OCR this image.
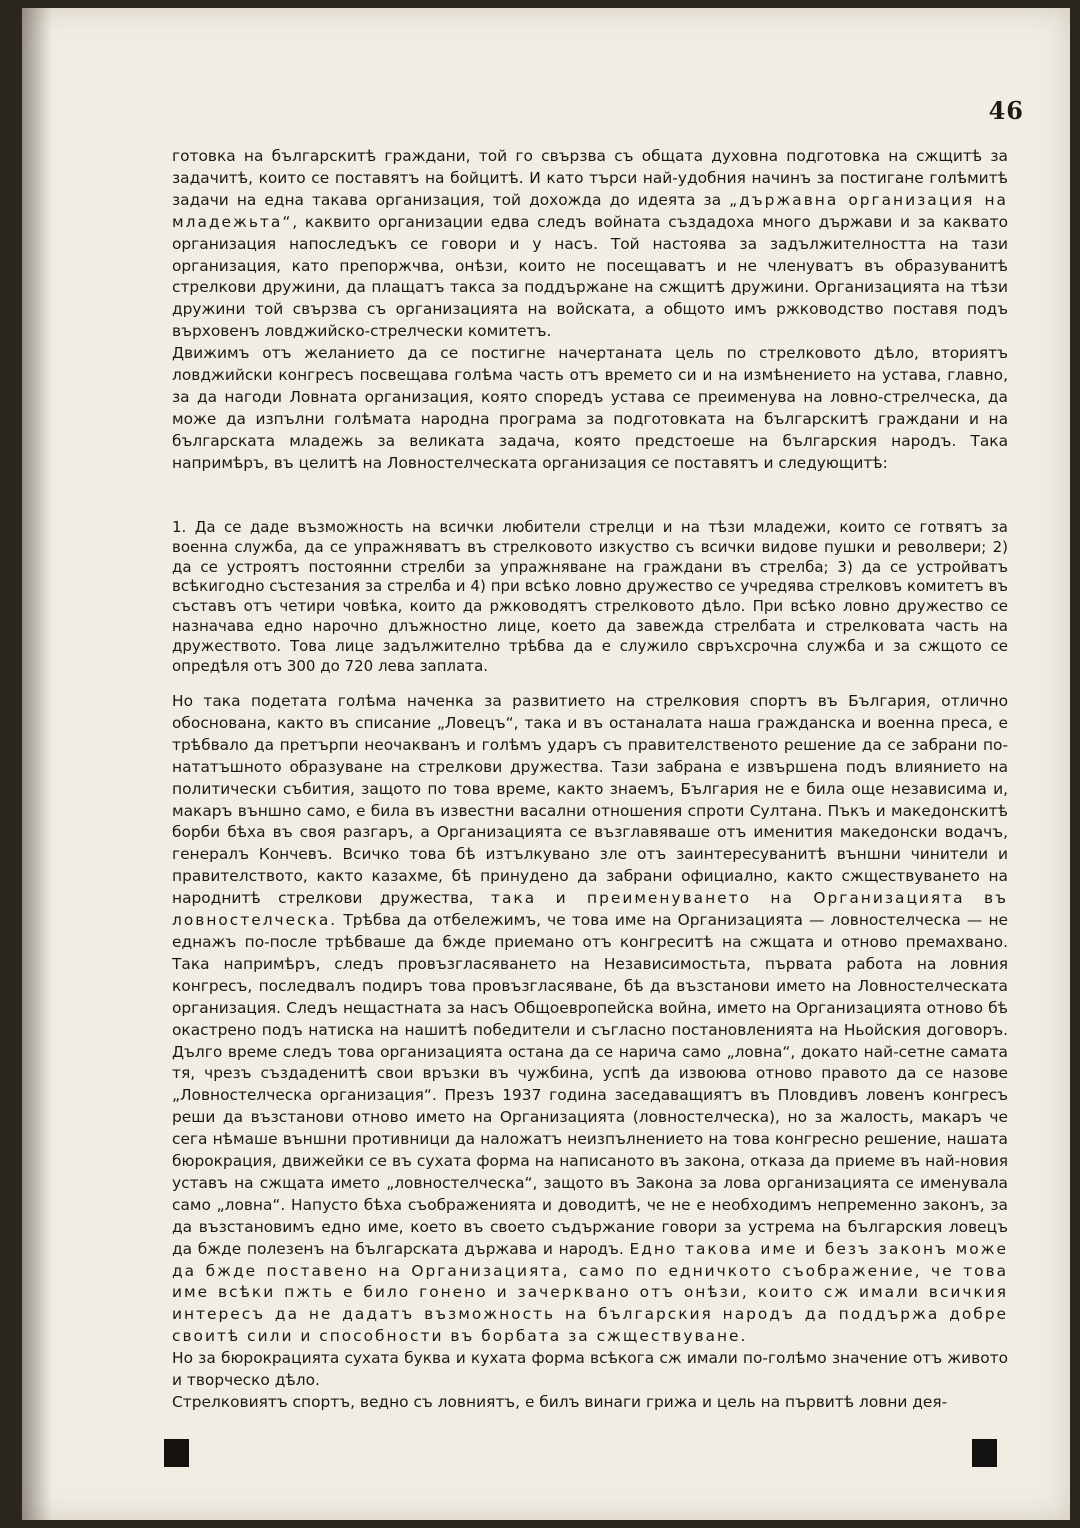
46

готовка на българскитѣ граждани, той го свързва съ общата духовна подготовка на сжщитѣ за задачитѣ, които се поставятъ на бойцитѣ. И като търси най-удобния начинъ за постигане голѣмитѣ задачи на една такава организация, той дохожда до идеята за „държавна организация на младежьта“, каквито организации едва следъ войната създадоха много държави и за каквато организация напоследъкъ се говори и у насъ. Той настоява за задължителността на тази организация, като препоржчва, онѣзи, които не посещаватъ и не членуватъ въ образуванитѣ стрелкови дружини, да плащатъ такса за поддържане на сжщитѣ дружини. Организацията на тѣзи дружини той свързва съ организацията на войската, а общото имъ ржководство поставя подъ върховенъ ловджийско-стрелчески комитетъ.

Движимъ отъ желанието да се постигне начертаната цель по стрелковото дѣло, вториятъ ловджийски конгресъ посвещава голѣма часть отъ времето си и на измѣнението на устава, главно, за да нагоди Ловната организация, която споредъ устава се преименува на ловно-стрелческа, да може да изпълни голѣмата народна програма за подготовката на българскитѣ граждани и на българската младежь за великата задача, която предстоеше на българския народъ. Така напримѣръ, въ целитѣ на Ловностелческата организация се поставятъ и следующитѣ:

1. Да се даде възможность на всички любители стрелци и на тѣзи младежи, които се готвятъ за военна служба, да се упражняватъ въ стрелковото изкуство съ всички видове пушки и револвери; 2) да се устроятъ постоянни стрелби за упражняване на граждани въ стрелба; 3) да се устройватъ всѣкигодно състезания за стрелба и 4) при всѣко ловно дружество се учредява стрелковъ комитетъ въ съставъ отъ четири човѣка, които да ржководятъ стрелковото дѣло. При всѣко ловно дружество се назначава едно нарочно длъжностно лице, което да завежда стрелбата и стрелковата часть на дружеството. Това лице задължително трѣбва да е служило свръхсрочна служба и за сжщото се опредѣля отъ 300 до 720 лева заплата.

Но така подетата голѣма наченка за развитието на стрелковия спортъ въ България, отлично обоснована, както въ списание „Ловецъ“, така и въ останалата наша гражданска и военна преса, е трѣбвало да претърпи неочакванъ и голѣмъ ударъ съ правителственото решение да се забрани по-нататъшното образуване на стрелкови дружества. Тази забрана е извършена подъ влиянието на политически събития, защото по това време, както знаемъ, България не е била още независима и, макаръ външно само, е била въ известни васални отношения спроти Султана. Пъкъ и македонскитѣ борби бѣха въ своя разгаръ, а Организацията се възглавяваше отъ именития македонски водачъ, генералъ Кончевъ. Всичко това бѣ изтълкувано зле отъ заинтересуванитѣ външни чинители и правителството, както казахме, бѣ принудено да забрани официално, както сжществуването на народнитѣ стрелкови дружества, така и преименуването на Организацията въ ловностелческа. Трѣбва да отбележимъ, че това име на Организацията — ловностелческа — не еднажъ по-после трѣбваше да бжде приемано отъ конгреситѣ на сжщата и отново премахвано. Така напримѣръ, следъ провъзгласяването на Независимостьта, първата работа на ловния конгресъ, последвалъ подиръ това провъзгласяване, бѣ да възстанови името на Ловностелческата организация. Следъ нещастната за насъ Общоевропейска война, името на Организацията отново бѣ окастрено подъ натиска на нашитѣ победители и съгласно постановленията на Ньойския договоръ. Дълго време следъ това организацията остана да се нарича само „ловна“, докато най-сетне самата тя, чрезъ създаденитѣ свои връзки въ чужбина, успѣ да извоюва отново правото да се назове „Ловностелческа организация“. Презъ 1937 година заседаващиятъ въ Пловдивъ ловенъ конгресъ реши да възстанови отново името на Организацията (ловностелческа), но за жалость, макаръ че сега нѣмаше външни противници да наложатъ неизпълнението на това конгресно решение, нашата бюрокрация, движейки се въ сухата форма на написаното въ закона, отказа да приеме въ най-новия уставъ на сжщата името „ловностелческа“, защото въ Закона за лова организацията се именувала само „ловна“. Напусто бѣха съображенията и доводитѣ, че не е необходимъ непременно законъ, за да възстановимъ едно име, което въ своето съдържание говори за устрема на българския ловецъ да бжде полезенъ на българската държава и народъ. Едно такова име и безъ законъ може да бжде поставено на Организацията, само по едничкото съображение, че това име всѣки пжть е било гонено и зачерквано отъ онѣзи, които сж имали всичкия интересъ да не дадатъ възможность на българския народъ да поддържа добре своитѣ сили и способности въ борбата за сжществуване.

Но за бюрокрацията сухата буква и кухата форма всѣкога сж имали по-голѣмо значение отъ живото и творческо дѣло.

Стрелковиятъ спортъ, ведно съ ловниятъ, е билъ винаги грижа и цель на първитѣ ловни дея-
